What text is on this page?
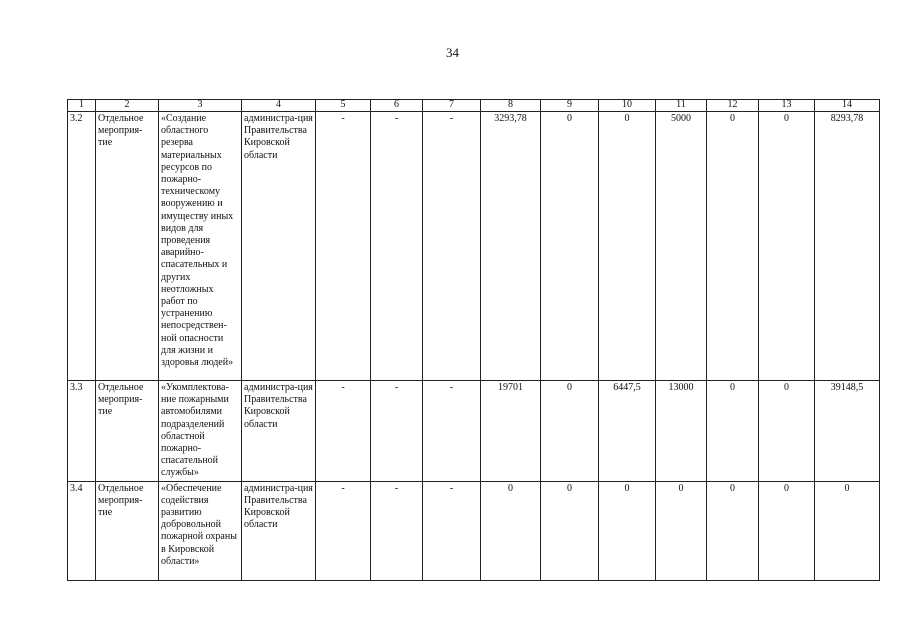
34
1	2	3	4	5	6	7	8	9	10	11	12	13	14
3.2	Отдельное мероприя-тие	«Создание областного резерва материальных ресурсов по пожарно-техническому вооружению и имуществу иных видов для проведения аварийно-спасательных и других неотложных работ по устранению непосредствен-ной опасности для жизни и здоровья людей»	администра-ция Правительства Кировской области	-	-	-	3293,78	0	0	5000	0	0	8293,78
3.3	Отдельное мероприя-тие	«Укомплектова-ние пожарными автомобилями подразделений областной пожарно-спасательной службы»	администра-ция Правительства Кировской области	-	-	-	19701	0	6447,5	13000	0	0	39148,5
3.4	Отдельное мероприя-тие	«Обеспечение содействия развитию добровольной пожарной охраны в Кировской области»	администра-ция Правительства Кировской области	-	-	-	0	0	0	0	0	0	0
